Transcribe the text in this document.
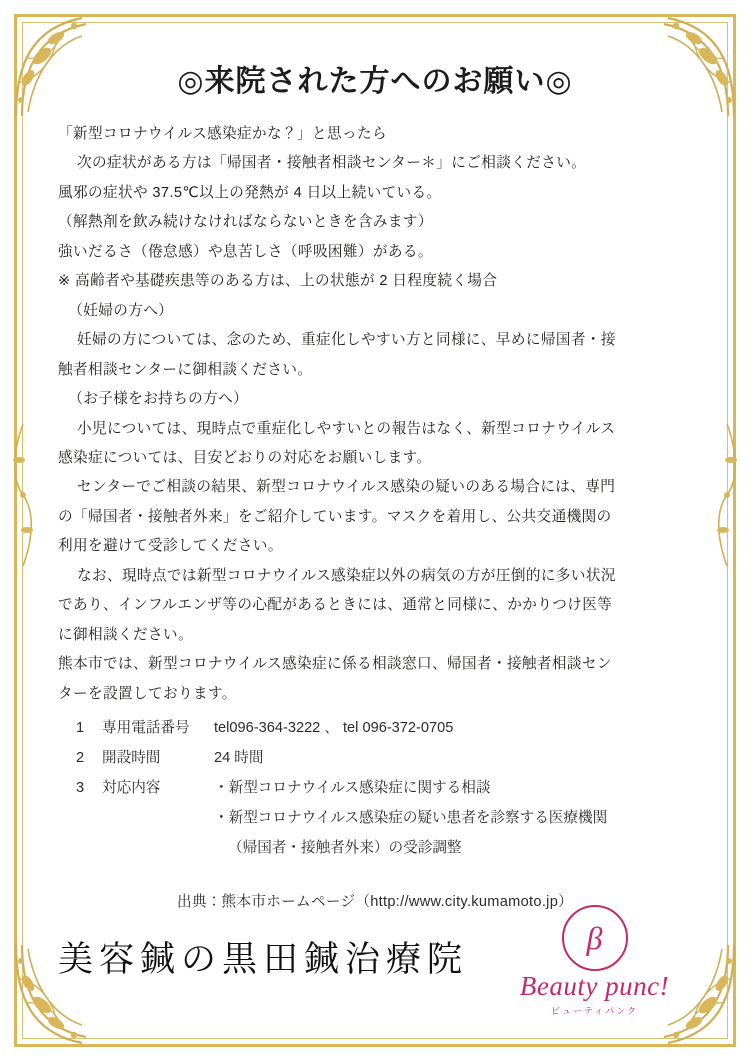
◎来院された方へのお願い◎

「新型コロナウイルス感染症かな？」と思ったら

次の症状がある方は「帰国者・接触者相談センター＊」にご相談ください。

風邪の症状や 37.5℃以上の発熱が 4 日以上続いている。

（解熱剤を飲み続けなければならないときを含みます）

強いだるさ（倦怠感）や息苦しさ（呼吸困難）がある。

※ 高齢者や基礎疾患等のある方は、上の状態が 2 日程度続く場合

（妊婦の方へ）

妊婦の方については、念のため、重症化しやすい方と同様に、早めに帰国者・接

触者相談センターに御相談ください。

（お子様をお持ちの方へ）

小児については、現時点で重症化しやすいとの報告はなく、新型コロナウイルス

感染症については、目安どおりの対応をお願いします。

センターでご相談の結果、新型コロナウイルス感染の疑いのある場合には、専門

の「帰国者・接触者外来」をご紹介しています。マスクを着用し、公共交通機関の

利用を避けて受診してください。

なお、現時点では新型コロナウイルス感染症以外の病気の方が圧倒的に多い状況

であり、インフルエンザ等の心配があるときには、通常と同様に、かかりつけ医等

に御相談ください。

熊本市では、新型コロナウイルス感染症に係る相談窓口、帰国者・接触者相談セン

ターを設置しております。

1	専用電話番号	tel096-364-3222 、 tel 096-372-0705
2	開設時間	24 時間
3	対応内容	・新型コロナウイルス感染症に関する相談
・新型コロナウイルス感染症の疑い患者を診察する医療機関
（帰国者・接触者外来）の受診調整
出典：熊本市ホームページ（http://www.city.kumamoto.jp）
美容鍼の黒田鍼治療院
β
Beauty punc!
ビューティパンク
